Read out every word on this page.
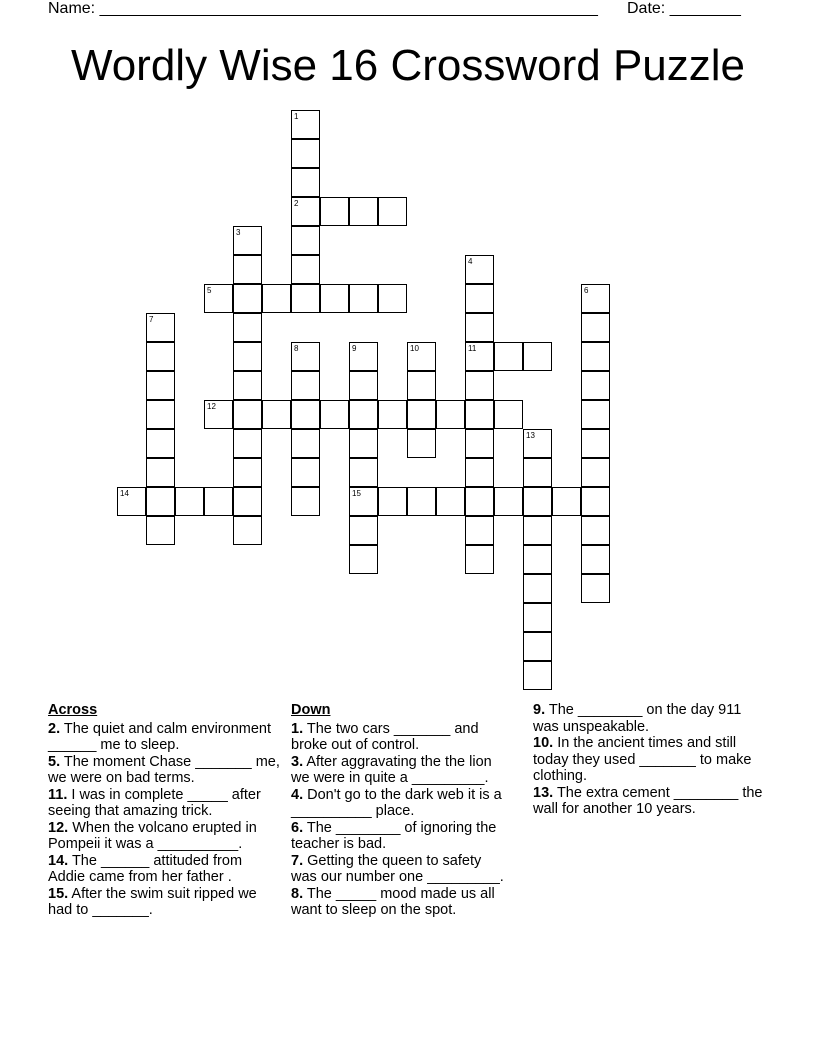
Name: ________________________________________________________ Date: ________
Wordly Wise 16 Crossword Puzzle
1
2
3
4
11
5	6
7
8	9
15
10
12
13
14
Across
2. The quiet and calm environment ______ me to sleep.
5. The moment Chase _______ me, we were on bad terms.
11. I was in complete _____ after seeing that amazing trick.
12. When the volcano erupted in Pompeii it was a __________.
14. The ______ attituded from Addie came from her father .
15. After the swim suit ripped we had to _______.
Down
1. The two cars _______ and broke out of control.
3. After aggravating the the lion we were in quite a _________.
4. Don't go to the dark web it is a __________ place.
6. The ________ of ignoring the teacher is bad.
7. Getting the queen to safety was our number one _________.
8. The _____ mood made us all want to sleep on the spot.
9. The ________ on the day 911 was unspeakable.
10. In the ancient times and still today they used _______ to make clothing.
13. The extra cement ________ the wall for another 10 years.
